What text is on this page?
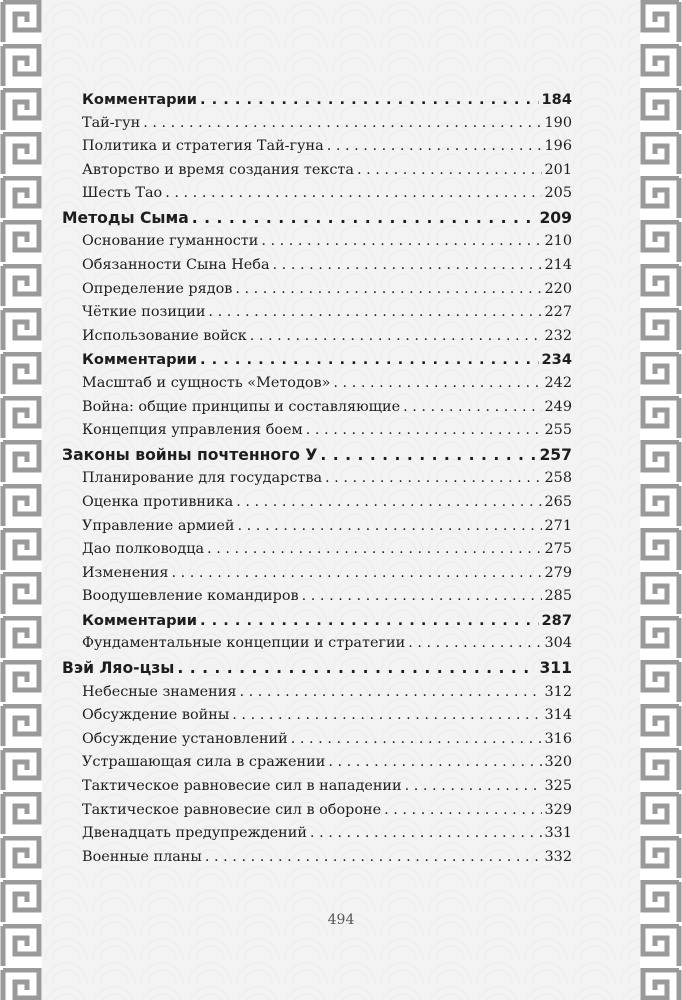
Комментарии . . .	184
Тай-гун . . .	190
Политика и стратегия Тай-гуна . . .	196
Авторство и время создания текста . . .	201
Шесть Тао . . .	205
Методы Сыма . . .	209
Основание гуманности . . .	210
Обязанности Сына Неба . . .	214
Определение рядов . . .	220
Чёткие позиции . . .	227
Использование войск . . .	232
Комментарии . . .	234
Масштаб и сущность «Методов» . . .	242
Война: общие принципы и составляющие . . .	249
Концепция управления боем . . .	255
Законы войны почтенного У . . .	257
Планирование для государства . . .	258
Оценка противника . . .	265
Управление армией . . .	271
Дао полководца . . .	275
Изменения . . .	279
Воодушевление командиров . . .	285
Комментарии . . .	287
Фундаментальные концепции и стратегии . . .	304
Вэй Ляо-цзы . . .	311
Небесные знамения . . .	312
Обсуждение войны . . .	314
Обсуждение установлений . . .	316
Устрашающая сила в сражении . . .	320
Тактическое равновесие сил в нападении . . .	325
Тактическое равновесие сил в обороне . . .	329
Двенадцать предупреждений . . .	331
Военные планы . . .	332
494
